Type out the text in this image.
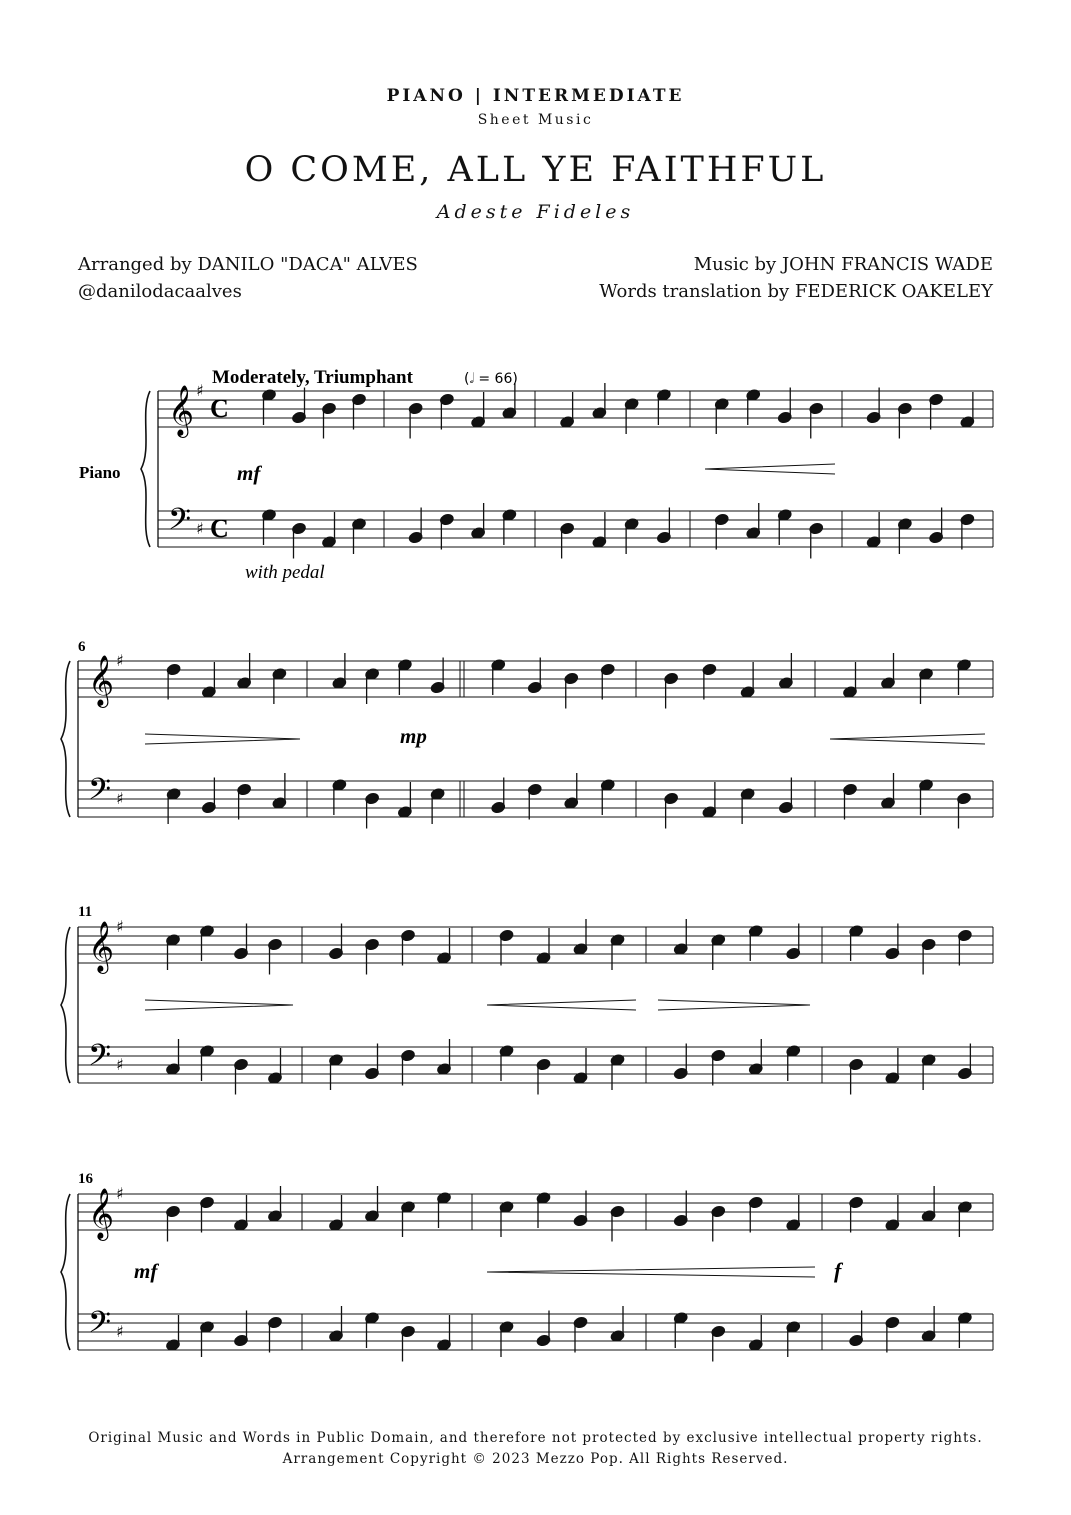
PIANO | INTERMEDIATE
Sheet Music
O COME, ALL YE FAITHFUL
Adeste Fideles
Arranged by DANILO "DACA" ALVES
@danilodacaalves
Music by JOHN FRANCIS WADE
Words translation by FEDERICK OAKELEY
𝄞
𝄢
♯
♯
C
C
𝄞
𝄢
♯
♯
𝄞
𝄢
♯
♯
𝄞
𝄢
♯
♯
Moderately, Triumphant	(𝅗𝅥 = 66)
Piano
with pedal
mf
mp
mf	f
6
11
16
Original Music and Words in Public Domain, and therefore not protected by exclusive intellectual property rights.
Arrangement Copyright © 2023 Mezzo Pop. All Rights Reserved.
